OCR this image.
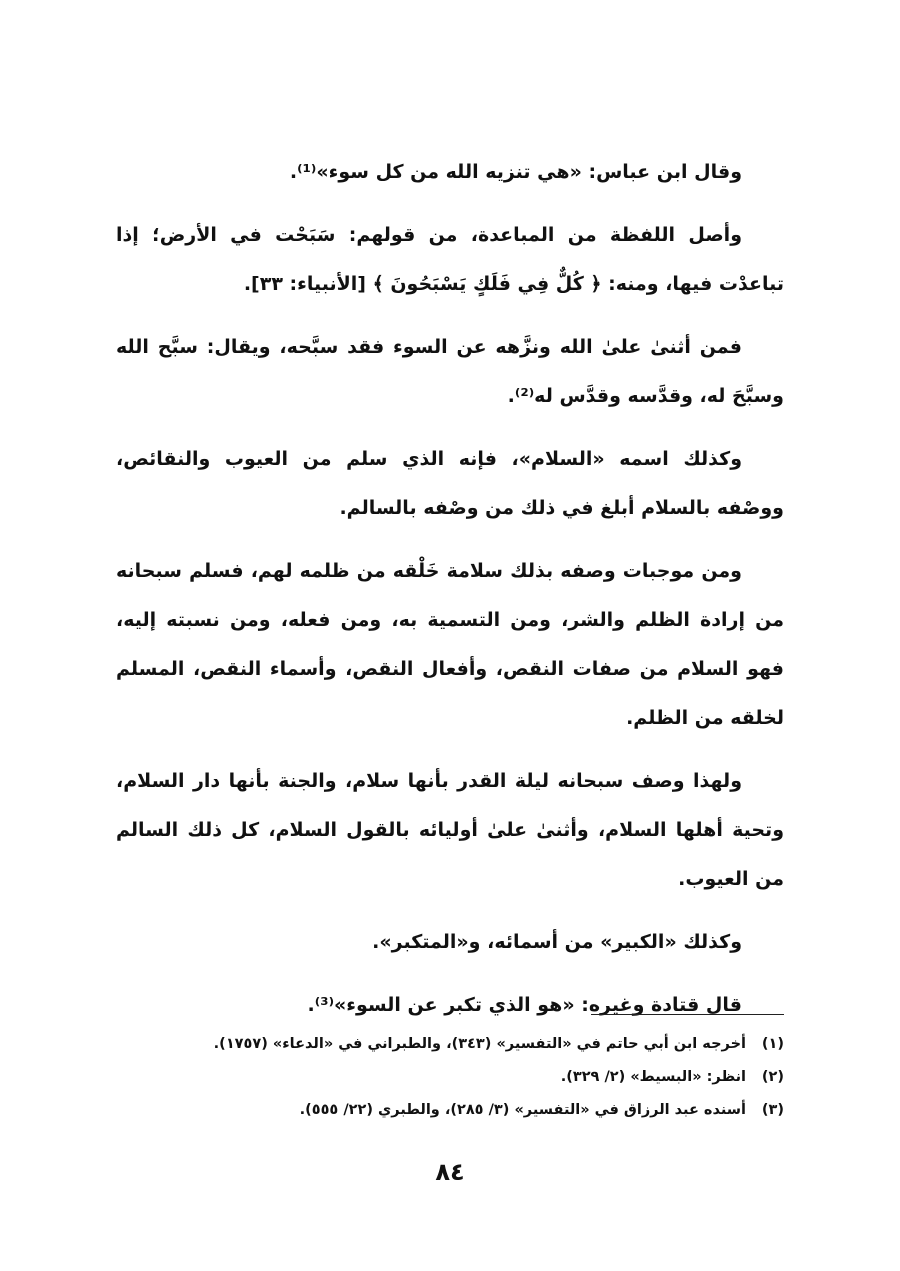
وقال ابن عباس: «هي تنزيه الله من كل سوء»⁽¹⁾.

وأصل اللفظة من المباعدة، من قولهم: سَبَحْت في الأرض؛ إذا تباعدْت فيها، ومنه: ﴿ كُلٌّ فِي فَلَكٍ يَسْبَحُونَ ﴾ [الأنبياء: ٣٣].

فمن أثنىٰ علىٰ الله ونزَّهه عن السوء فقد سبَّحه، ويقال: سبَّح الله وسبَّحَ له، وقدَّسه وقدَّس له⁽²⁾.

وكذلك اسمه «السلام»، فإنه الذي سلم من العيوب والنقائص، ووصْفه بالسلام أبلغ في ذلك من وصْفه بالسالم.

ومن موجبات وصفه بذلك سلامة خَلْقه من ظلمه لهم، فسلم سبحانه من إرادة الظلم والشر، ومن التسمية به، ومن فعله، ومن نسبته إليه، فهو السلام من صفات النقص، وأفعال النقص، وأسماء النقص، المسلم لخلقه من الظلم.

ولهذا وصف سبحانه ليلة القدر بأنها سلام، والجنة بأنها دار السلام، وتحية أهلها السلام، وأثنىٰ علىٰ أوليائه بالقول السلام، كل ذلك السالم من العيوب.

وكذلك «الكبير» من أسمائه، و«المتكبر».

قال قتادة وغيره: «هو الذي تكبر عن السوء»⁽³⁾.

(١)
أخرجه ابن أبي حاتم في «التفسير» (٣٤٣)، والطبراني في «الدعاء» (١٧٥٧).
(٢)
انظر: «البسيط» (٢/ ٣٢٩).
(٣)
أسنده عبد الرزاق في «التفسير» (٣/ ٢٨٥)، والطبري (٢٢/ ٥٥٥).
٨٤
